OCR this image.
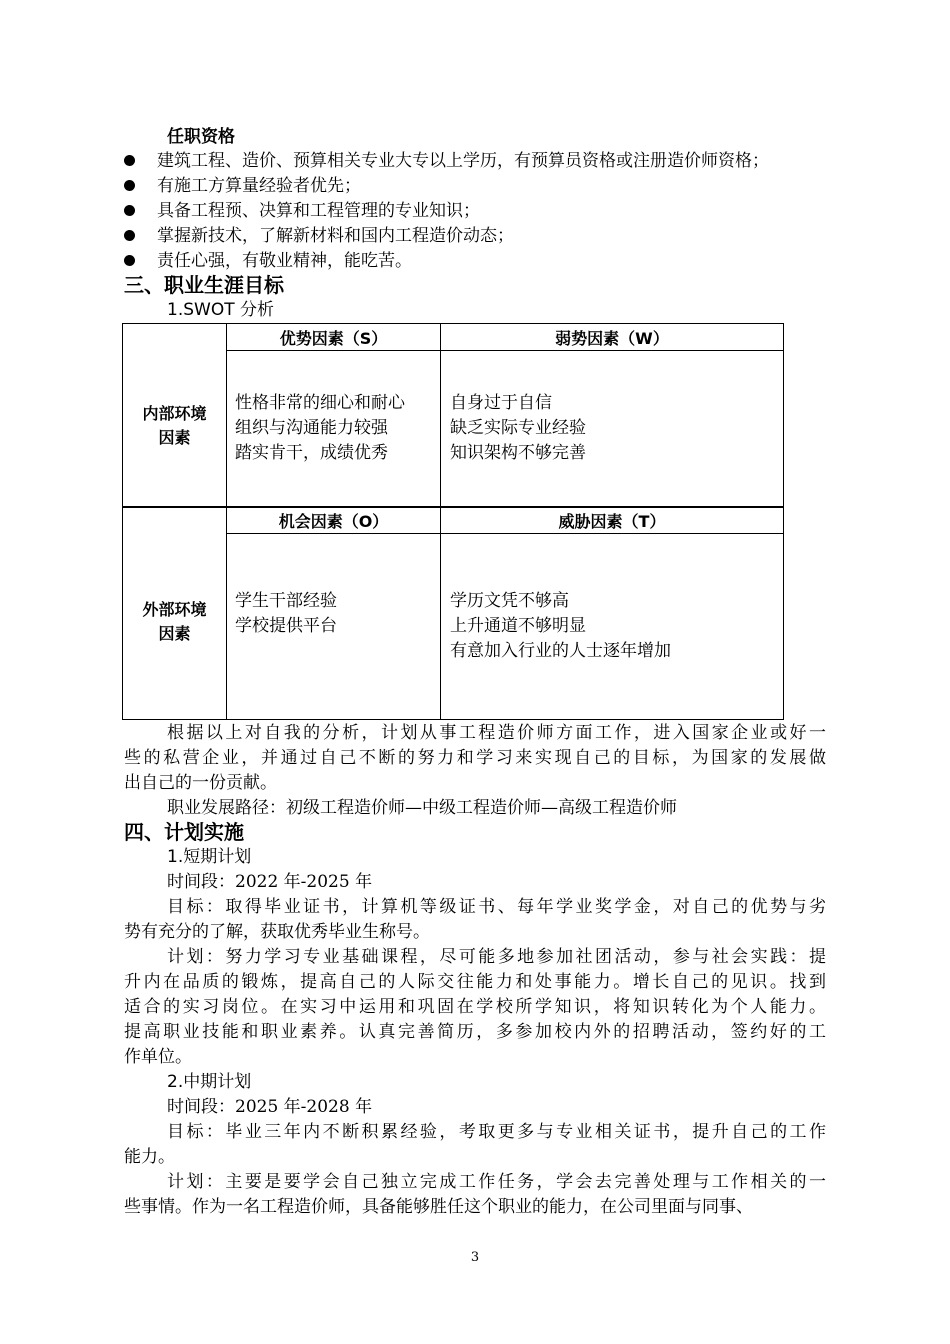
任职资格
建筑工程、造价、预算相关专业大专以上学历，有预算员资格或注册造价师资格；
有施工方算量经验者优先；
具备工程预、决算和工程管理的专业知识；
掌握新技术，了解新材料和国内工程造价动态；
责任心强，有敬业精神，能吃苦。
三、职业生涯目标
1.SWOT 分析
内部环境
因素
外部环境
因素
优势因素（S）	弱势因素（W）
机会因素（O）	威胁因素（T）
性格非常的细心和耐心
组织与沟通能力较强
踏实肯干，成绩优秀
自身过于自信
缺乏实际专业经验
知识架构不够完善
学生干部经验
学校提供平台
学历文凭不够高
上升通道不够明显
有意加入行业的人士逐年增加
根据以上对自我的分析，计划从事工程造价师方面工作，进入国家企业或好一
些的私营企业，并通过自己不断的努力和学习来实现自己的目标，为国家的发展做
出自己的一份贡献。
职业发展路径：初级工程造价师—中级工程造价师—高级工程造价师
四、计划实施
1.短期计划
时间段：2022 年-2025 年
目标：取得毕业证书，计算机等级证书、每年学业奖学金，对自己的优势与劣
势有充分的了解，获取优秀毕业生称号。
计划：努力学习专业基础课程，尽可能多地参加社团活动，参与社会实践：提
升内在品质的锻炼，提高自己的人际交往能力和处事能力。增长自己的见识。找到
适合的实习岗位。在实习中运用和巩固在学校所学知识，将知识转化为个人能力。
提高职业技能和职业素养。认真完善简历，多参加校内外的招聘活动，签约好的工
作单位。
2.中期计划
时间段：2025 年-2028 年
目标：毕业三年内不断积累经验，考取更多与专业相关证书，提升自己的工作
能力。
计划：主要是要学会自己独立完成工作任务，学会去完善处理与工作相关的一
些事情。作为一名工程造价师，具备能够胜任这个职业的能力，在公司里面与同事、
3
